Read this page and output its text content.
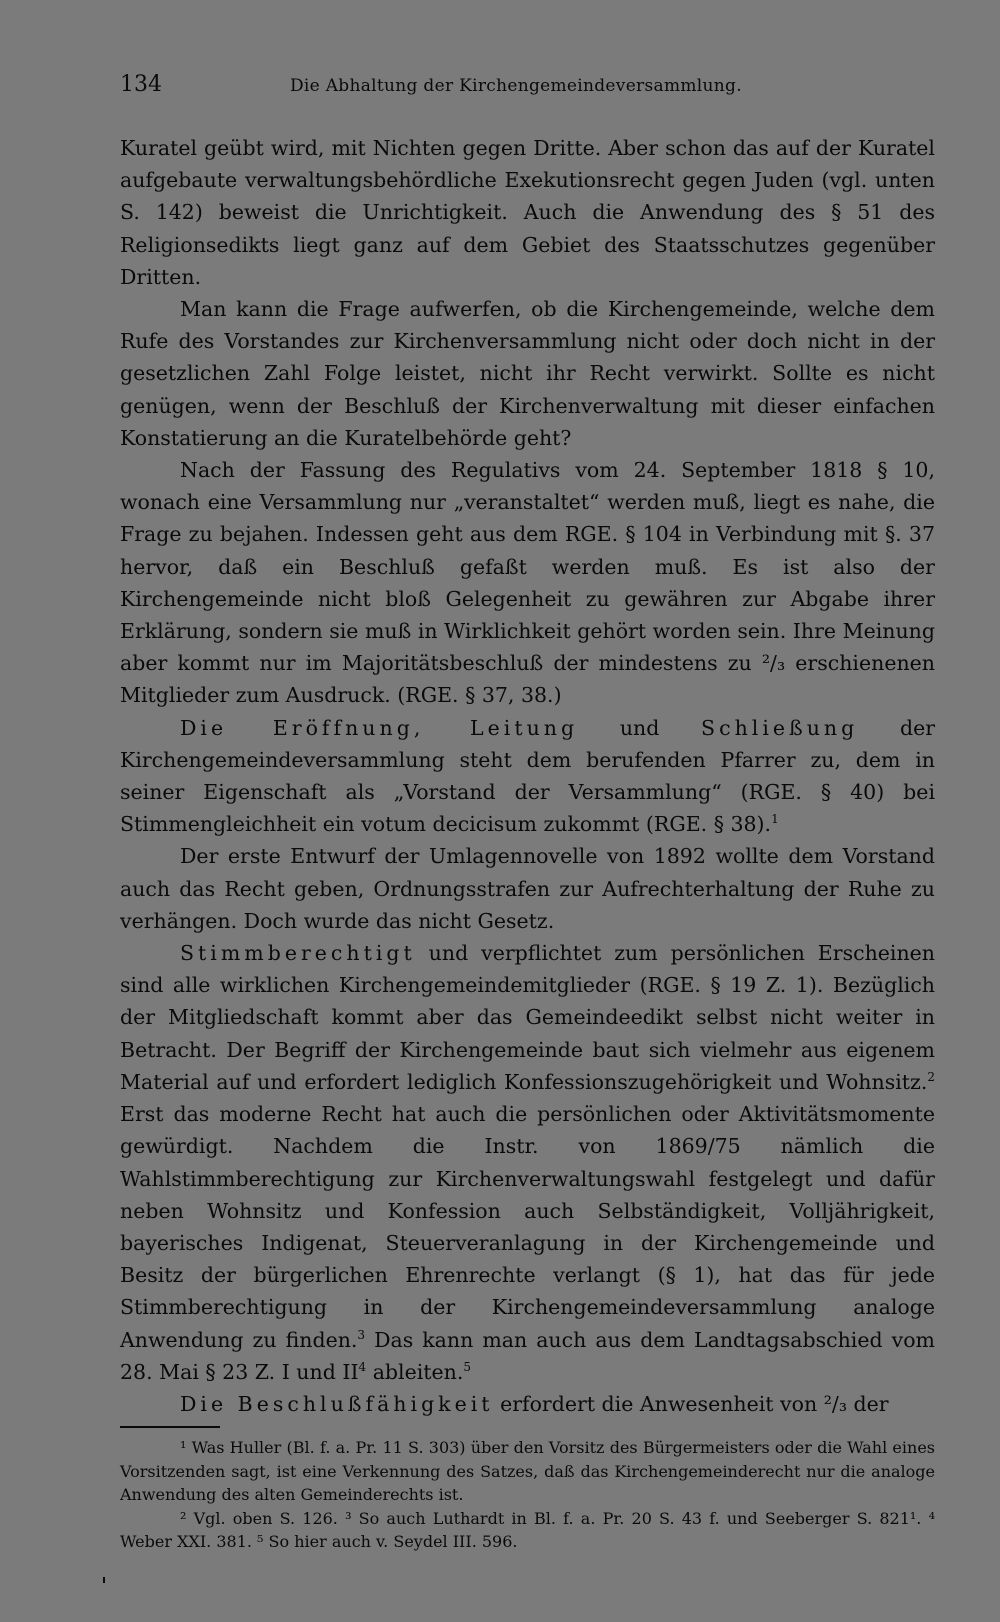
134	Die Abhaltung der Kirchengemeindeversammlung.

Kuratel geübt wird, mit Nichten gegen Dritte. Aber schon das auf der Kuratel aufgebaute verwaltungsbehördliche Exekutionsrecht gegen Juden (vgl. unten S. 142) beweist die Unrichtigkeit. Auch die Anwendung des § 51 des Religionsedikts liegt ganz auf dem Gebiet des Staatsschutzes gegenüber Dritten.

Man kann die Frage aufwerfen, ob die Kirchengemeinde, welche dem Rufe des Vorstandes zur Kirchenversammlung nicht oder doch nicht in der gesetzlichen Zahl Folge leistet, nicht ihr Recht verwirkt. Sollte es nicht genügen, wenn der Beschluß der Kirchenverwaltung mit dieser einfachen Konstatierung an die Kuratelbehörde geht?

Nach der Fassung des Regulativs vom 24. September 1818 § 10, wonach eine Versammlung nur „veranstaltet“ werden muß, liegt es nahe, die Frage zu bejahen. Indessen geht aus dem RGE. § 104 in Verbindung mit §. 37 hervor, daß ein Beschluß gefaßt werden muß. Es ist also der Kirchengemeinde nicht bloß Gelegenheit zu gewähren zur Abgabe ihrer Erklärung, sondern sie muß in Wirklichkeit gehört worden sein. Ihre Meinung aber kommt nur im Majoritätsbeschluß der mindestens zu ²/₃ erschienenen Mitglieder zum Ausdruck. (RGE. § 37, 38.)

Die Eröffnung, Leitung und Schließung der Kirchengemeindeversammlung steht dem berufenden Pfarrer zu, dem in seiner Eigenschaft als „Vorstand der Versammlung“ (RGE. § 40) bei Stimmengleichheit ein votum decicisum zukommt (RGE. § 38).$^1$

Der erste Entwurf der Umlagennovelle von 1892 wollte dem Vorstand auch das Recht geben, Ordnungsstrafen zur Aufrechterhaltung der Ruhe zu verhängen. Doch wurde das nicht Gesetz.

Stimmberechtigt und verpflichtet zum persönlichen Erscheinen sind alle wirklichen Kirchengemeindemitglieder (RGE. § 19 Z. 1). Bezüglich der Mitgliedschaft kommt aber das Gemeindeedikt selbst nicht weiter in Betracht. Der Begriff der Kirchengemeinde baut sich vielmehr aus eigenem Material auf und erfordert lediglich Konfessionszugehörigkeit und Wohnsitz.$^2$ Erst das moderne Recht hat auch die persönlichen oder Aktivitätsmomente gewürdigt. Nachdem die Instr. von 1869/75 nämlich die Wahlstimmberechtigung zur Kirchenverwaltungswahl festgelegt und dafür neben Wohnsitz und Konfession auch Selbständigkeit, Volljährigkeit, bayerisches Indigenat, Steuerveranlagung in der Kirchengemeinde und Besitz der bürgerlichen Ehrenrechte verlangt (§ 1), hat das für jede Stimmberechtigung in der Kirchengemeindeversammlung analoge Anwendung zu finden.$^3$ Das kann man auch aus dem Landtagsabschied vom 28. Mai § 23 Z. I und $II^4$ ableiten.$^5$

Die Beschlußfähigkeit erfordert die Anwesenheit von ²/₃ der

¹ Was Huller (Bl. f. a. Pr. 11 S. 303) über den Vorsitz des Bürgermeisters oder die Wahl eines Vorsitzenden sagt, ist eine Verkennung des Satzes, daß das Kirchengemeinderecht nur die analoge Anwendung des alten Gemeinderechts ist.

² Vgl. oben S. 126. ³ So auch Luthardt in Bl. f. a. Pr. 20 S. 43 f. und Seeberger S. 821¹. ⁴ Weber XXI. 381. ⁵ So hier auch v. Seydel III. 596.
